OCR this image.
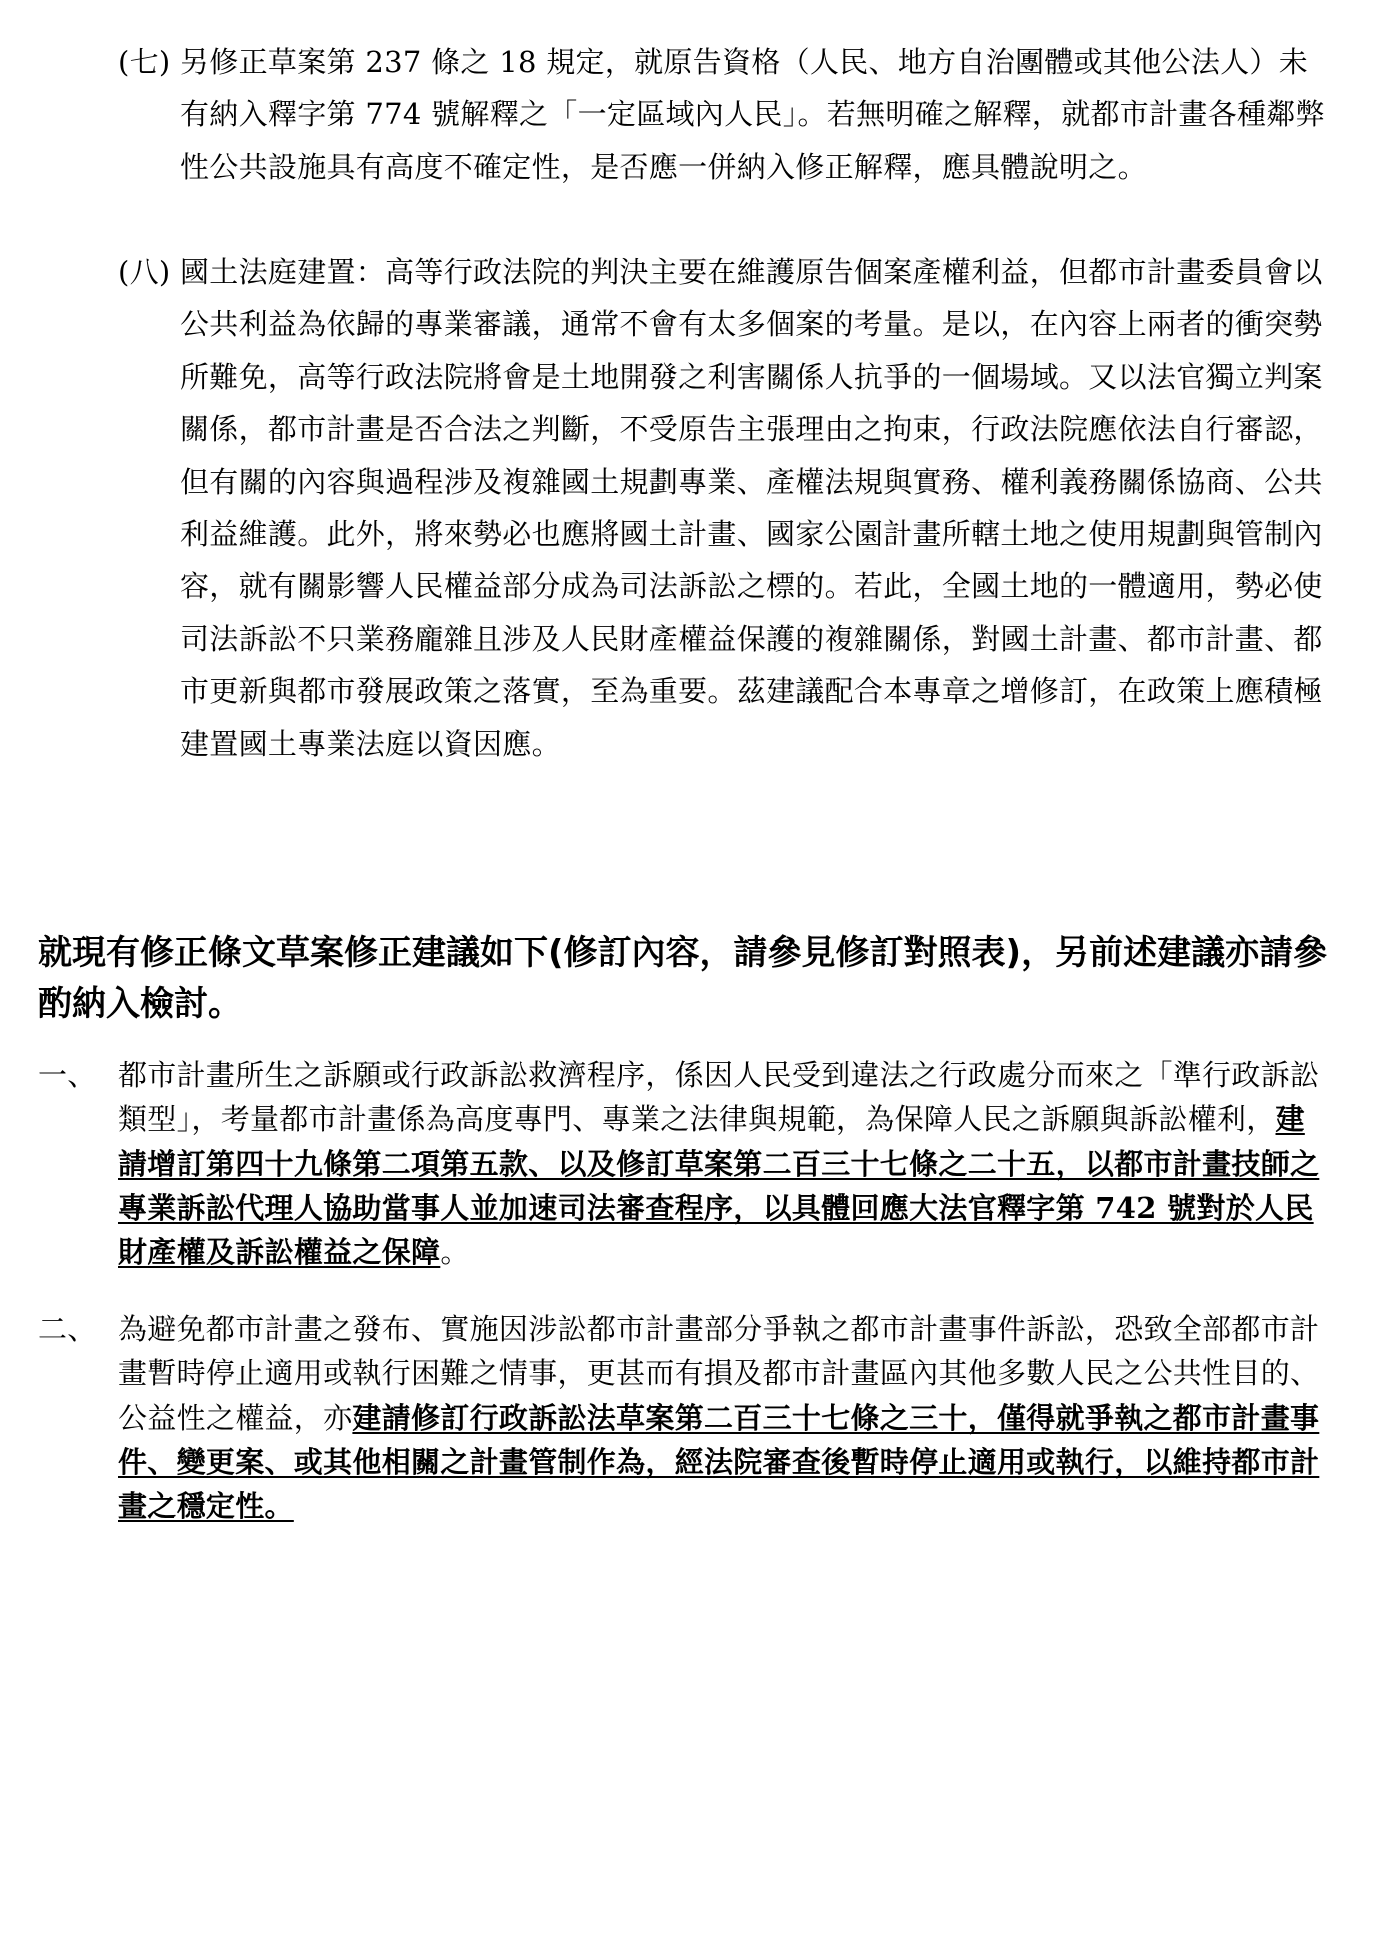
(七) 另修正草案第 237 條之 18 規定，就原告資格（人民、地方自治團體或其他公法人）未有納入釋字第 774 號解釋之「一定區域內人民」。若無明確之解釋，就都市計畫各種鄰弊性公共設施具有高度不確定性，是否應一併納入修正解釋，應具體說明之。
(八) 國土法庭建置：高等行政法院的判決主要在維護原告個案產權利益，但都市計畫委員會以公共利益為依歸的專業審議，通常不會有太多個案的考量。是以，在內容上兩者的衝突勢所難免，高等行政法院將會是土地開發之利害關係人抗爭的一個場域。又以法官獨立判案關係，都市計畫是否合法之判斷，不受原告主張理由之拘束，行政法院應依法自行審認，但有關的內容與過程涉及複雜國土規劃專業、產權法規與實務、權利義務關係協商、公共利益維護。此外，將來勢必也應將國土計畫、國家公園計畫所轄土地之使用規劃與管制內容，就有關影響人民權益部分成為司法訴訟之標的。若此，全國土地的一體適用，勢必使司法訴訟不只業務龐雜且涉及人民財產權益保護的複雜關係，對國土計畫、都市計畫、都市更新與都市發展政策之落實，至為重要。茲建議配合本專章之增修訂，在政策上應積極建置國土專業法庭以資因應。
就現有修正條文草案修正建議如下(修訂內容，請參見修訂對照表)，另前述建議亦請參酌納入檢討。
一、 都市計畫所生之訴願或行政訴訟救濟程序，係因人民受到違法之行政處分而來之「準行政訴訟類型」，考量都市計畫係為高度專門、專業之法律與規範，為保障人民之訴願與訴訟權利，建請增訂第四十九條第二項第五款、以及修訂草案第二百三十七條之二十五，以都市計畫技師之專業訴訟代理人協助當事人並加速司法審查程序，以具體回應大法官釋字第 742 號對於人民財產權及訴訟權益之保障。
二、 為避免都市計畫之發布、實施因涉訟都市計畫部分爭執之都市計畫事件訴訟，恐致全部都市計畫暫時停止適用或執行困難之情事，更甚而有損及都市計畫區內其他多數人民之公共性目的、公益性之權益，亦建請修訂行政訴訟法草案第二百三十七條之三十，僅得就爭執之都市計畫事件、變更案、或其他相關之計畫管制作為，經法院審查後暫時停止適用或執行，以維持都市計畫之穩定性。
